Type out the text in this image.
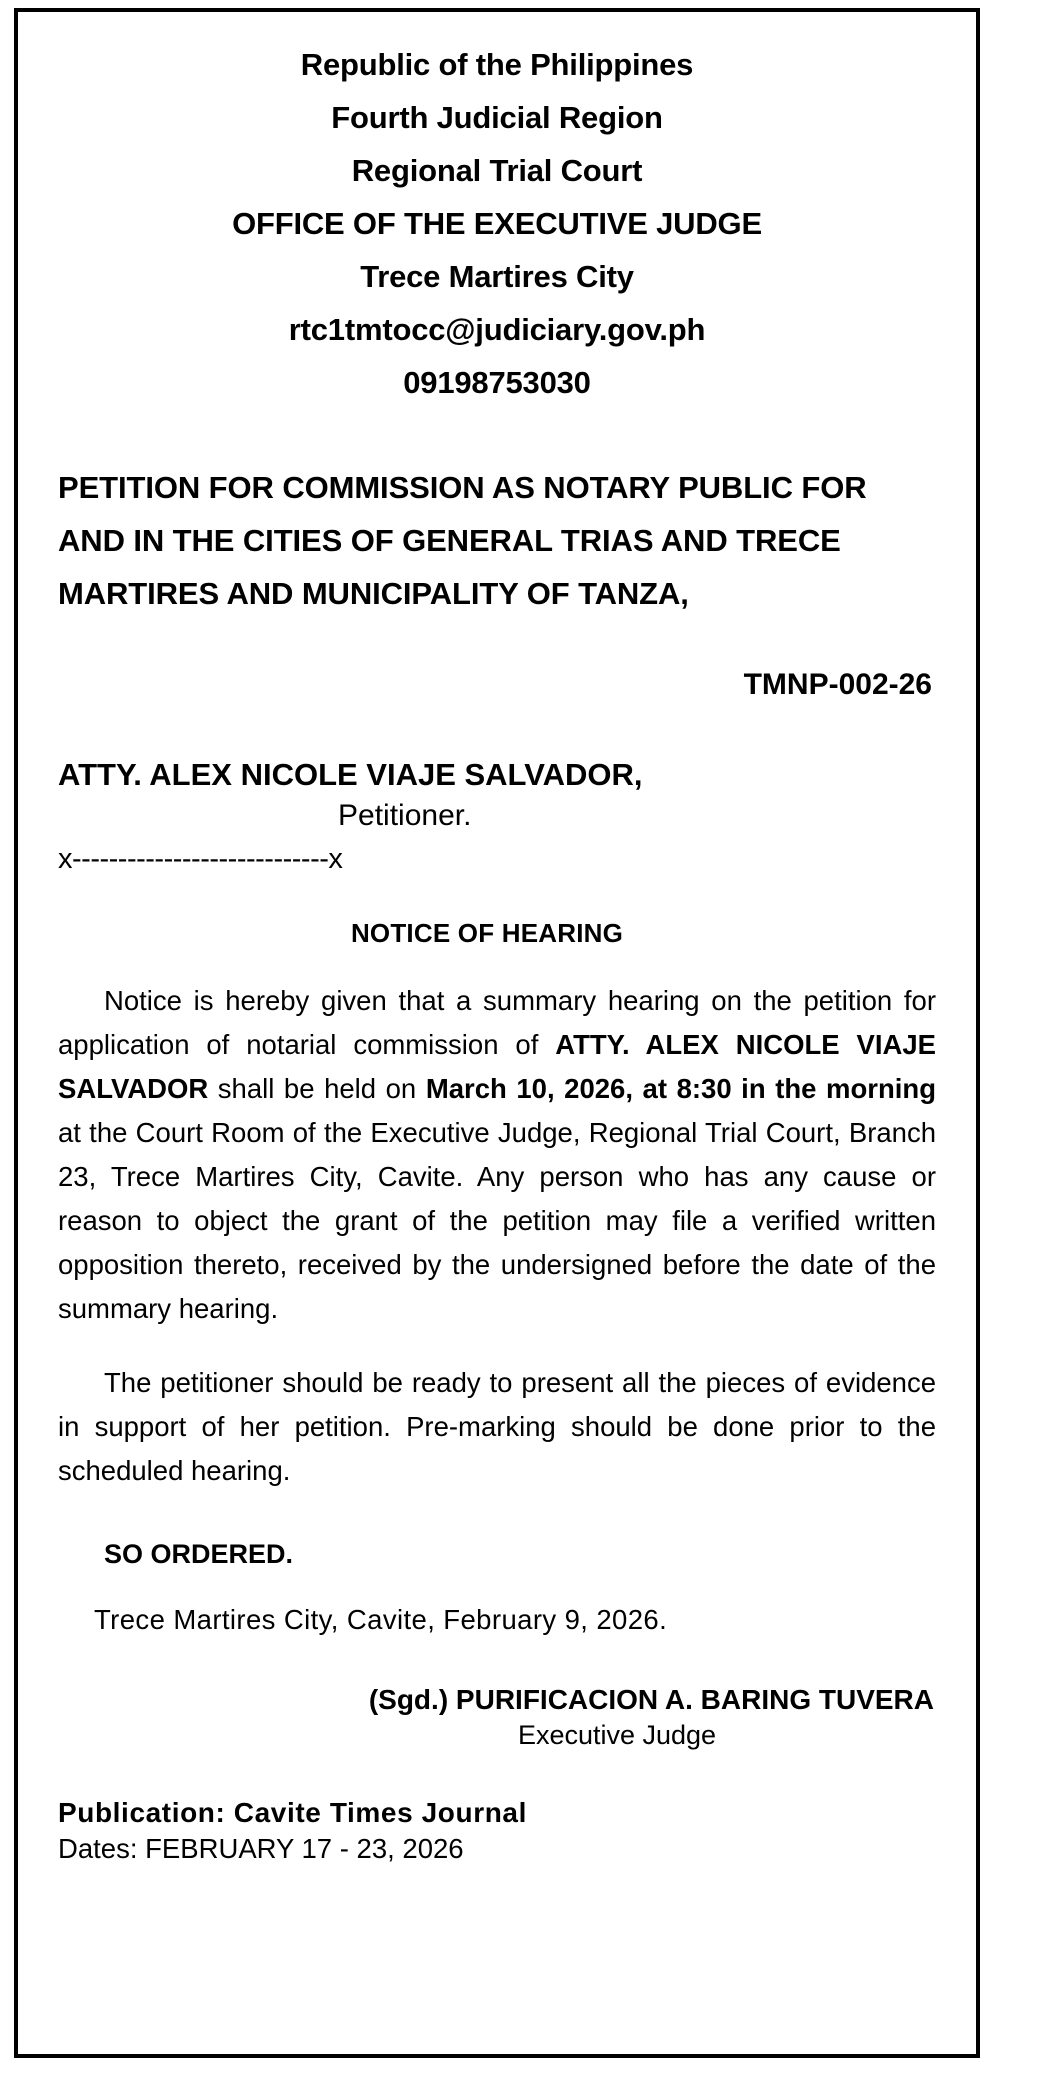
Republic of the Philippines
Fourth Judicial Region
Regional Trial Court
OFFICE OF THE EXECUTIVE JUDGE
Trece Martires City
rtc1tmtocc@judiciary.gov.ph
09198753030
PETITION FOR COMMISSION AS NOTARY PUBLIC FOR AND IN THE CITIES OF GENERAL TRIAS AND TRECE MARTIRES AND MUNICIPALITY OF TANZA,
TMNP-002-26
ATTY. ALEX NICOLE VIAJE SALVADOR,
Petitioner.
x----------------------------x
NOTICE OF HEARING
Notice is hereby given that a summary hearing on the petition for application of notarial commission of ATTY. ALEX NICOLE VIAJE SALVADOR shall be held on March 10, 2026, at 8:30 in the morning at the Court Room of the Executive Judge, Regional Trial Court, Branch 23, Trece Martires City, Cavite. Any person who has any cause or reason to object the grant of the petition may file a verified written opposition thereto, received by the undersigned before the date of the summary hearing.
The petitioner should be ready to present all the pieces of evidence in support of her petition. Pre-marking should be done prior to the scheduled hearing.
SO ORDERED.
Trece Martires City, Cavite, February 9, 2026.
(Sgd.) PURIFICACION A. BARING TUVERA
Executive Judge
Publication: Cavite Times Journal
Dates: FEBRUARY 17 - 23, 2026
